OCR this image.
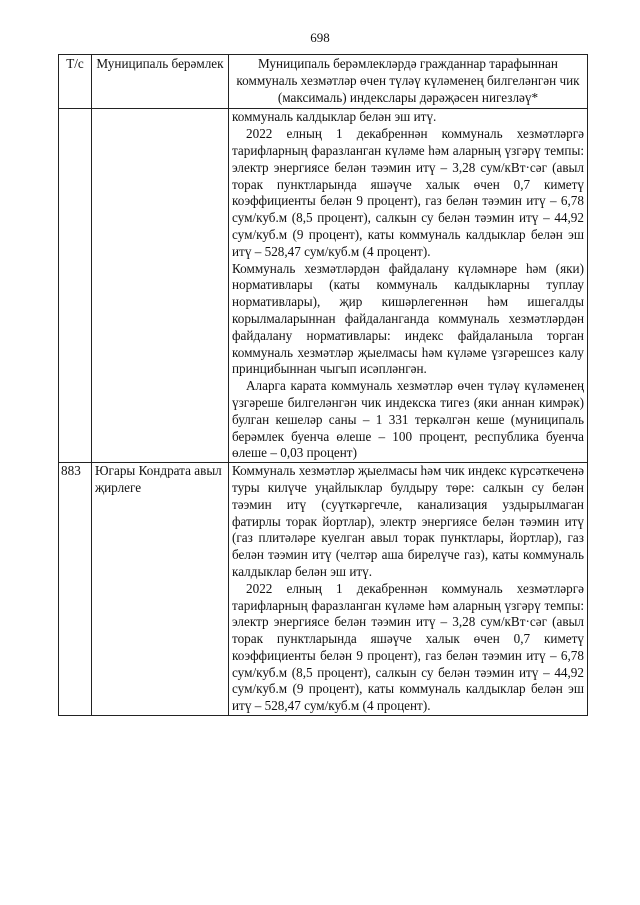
698
Т/с	Муниципаль берәмлек	Муниципаль берәмлекләрдә гражданнар тарафыннан коммуналь хезмәтләр өчен түләү күләменең билгеләнгән чик (максималь) индекслары дәрәҗәсен нигезләү*

		коммуналь калдыклар белән эш итү.

2022 елның 1 декабреннән коммуналь хезмәтләргә тарифларның фаразланган күләме һәм аларның үзгәрү темпы: электр энергиясе белән тәэмин итү – 3,28 сум/кВт·сәг (авыл торак пунктларында яшәүче халык өчен 0,7 киметү коэффициенты белән 9 процент), газ белән тәэмин итү – 6,78 сум/куб.м (8,5 процент), салкын су белән тәэмин итү – 44,92 сум/куб.м (9 процент), каты коммуналь калдыклар белән эш итү – 528,47 сум/куб.м (4 процент).

Коммуналь хезмәтләрдән файдалану күләмнәре һәм (яки) нормативлары (каты коммуналь калдыкларны туплау нормативлары), җир кишәрлегеннән һәм ишегалды корылмаларыннан файдаланганда коммуналь хезмәтләрдән файдалану нормативлары: индекс файдаланыла торган коммуналь хезмәтләр җыелмасы һәм күләме үзгәрешсез калу принцибыннан чыгып исәпләнгән.

Аларга карата коммуналь хезмәтләр өчен түләү күләменең үзгәреше билгеләнгән чик индекска тигез (яки аннан кимрәк) булган кешеләр саны – 1 331 теркәлгән кеше (муниципаль берәмлек буенча өлеше – 100 процент, республика буенча өлеше – 0,03 процент)

883	Югары Кондрата авыл җирлеге	Коммуналь хезмәтләр җыелмасы һәм чик индекс күрсәткеченә туры килүче уңайлыклар булдыру төре: салкын су белән тәэмин итү (суүткәргечле, канализация уздырылмаган фатирлы торак йортлар), электр энергиясе белән тәэмин итү (газ плитәләре куелган авыл торак пунктлары, йортлар), газ белән тәэмин итү (челтәр аша бирелүче газ), каты коммуналь калдыклар белән эш итү.

2022 елның 1 декабреннән коммуналь хезмәтләргә тарифларның фаразланган күләме һәм аларның үзгәрү темпы: электр энергиясе белән тәэмин итү – 3,28 сум/кВт·сәг (авыл торак пунктларында яшәүче халык өчен 0,7 киметү коэффициенты белән 9 процент), газ белән тәэмин итү – 6,78 сум/куб.м (8,5 процент), салкын су белән тәэмин итү – 44,92 сум/куб.м (9 процент), каты коммуналь калдыклар белән эш итү – 528,47 сум/куб.м (4 процент).
